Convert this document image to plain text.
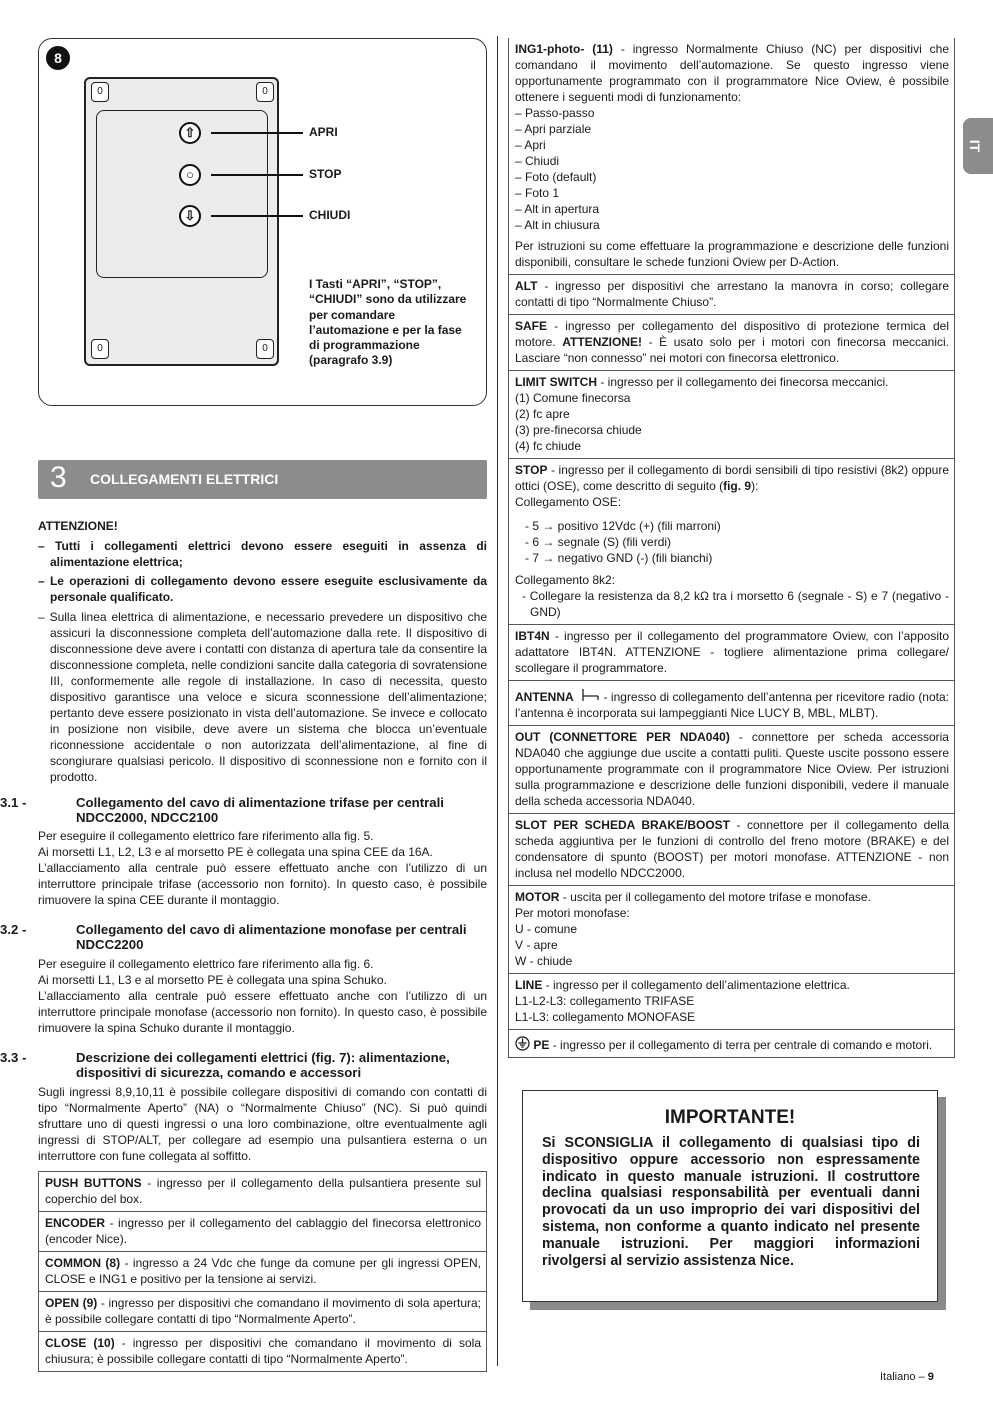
8
0	0
0	0
⇧
○
⇩
APRI
STOP
CHIUDI
I Tasti “APRI”, “STOP”, “CHIUDI” sono da utilizzare per comandare l’automazione e per la fase di programmazione (paragrafo 3.9)
3 COLLEGAMENTI ELETTRICI
ATTENZIONE!
– Tutti i collegamenti elettrici devono essere eseguiti in assenza di alimentazione elettrica;
– Le operazioni di collegamento devono essere eseguite esclusivamente da personale qualificato.
– Sulla linea elettrica di alimentazione, e necessario prevedere un dispositivo che assicuri la disconnessione completa dell’automazione dalla rete. Il dispositivo di disconnessione deve avere i contatti con distanza di apertura tale da consentire la disconnessione completa, nelle condizioni sancite dalla categoria di sovratensione III, conformemente alle regole di installazione. In caso di necessita, questo dispositivo garantisce una veloce e sicura sconnessione dell’alimentazione; pertanto deve essere posizionato in vista dell’automazione. Se invece e collocato in posizione non visibile, deve avere un sistema che blocca un’eventuale riconnessione accidentale o non autorizzata dell’alimentazione, al fine di scongiurare qualsiasi pericolo. Il dispositivo di sconnessione non e fornito con il prodotto.
3.1 -	Collegamento del cavo di alimentazione trifase per centrali NDCC2000, NDCC2100
Per eseguire il collegamento elettrico fare riferimento alla fig. 5.
Ai morsetti L1, L2, L3 e al morsetto PE è collegata una spina CEE da 16A.
L’allacciamento alla centrale può essere effettuato anche con l’utilizzo di un interruttore principale trifase (accessorio non fornito). In questo caso, è possibile rimuovere la spina CEE durante il montaggio.
3.2 -	Collegamento del cavo di alimentazione monofase per centrali NDCC2200
Per eseguire il collegamento elettrico fare riferimento alla fig. 6.
Ai morsetti L1, L3 e al morsetto PE è collegata una spina Schuko.
L’allacciamento alla centrale può essere effettuato anche con l’utilizzo di un interruttore principale monofase (accessorio non fornito). In questo caso, è possibile rimuovere la spina Schuko durante il montaggio.
3.3 -	Descrizione dei collegamenti elettrici (fig. 7): alimentazione, dispositivi di sicurezza, comando e accessori
Sugli ingressi 8,9,10,11 è possibile collegare dispositivi di comando con contatti di tipo “Normalmente Aperto” (NA) o “Normalmente Chiuso” (NC). Si può quindi sfruttare uno di questi ingressi o una loro combinazione, oltre eventualmente agli ingressi di STOP/ALT, per collegare ad esempio una pulsantiera esterna o un interruttore con fune collegata al soffitto.
PUSH BUTTONS - ingresso per il collegamento della pulsantiera presente sul coperchio del box.
ENCODER - ingresso per il collegamento del cablaggio del finecorsa elettronico (encoder Nice).
COMMON (8) - ingresso a 24 Vdc che funge da comune per gli ingressi OPEN, CLOSE e ING1 e positivo per la tensione ai servizi.
OPEN (9) - ingresso per dispositivi che comandano il movimento di sola apertura; è possibile collegare contatti di tipo “Normalmente Aperto”.
CLOSE (10) - ingresso per dispositivi che comandano il movimento di sola chiusura; è possibile collegare contatti di tipo “Normalmente Aperto”.
ING1-photo- (11) - ingresso Normalmente Chiuso (NC) per dispositivi che comandano il movimento dell’automazione. Se questo ingresso viene opportunamente programmato con il programmatore Nice Oview, è possibile ottenere i seguenti modi di funzionamento:
– Passo-passo
– Apri parziale
– Apri
– Chiudi
– Foto (default)
– Foto 1
– Alt in apertura
– Alt in chiusura
Per istruzioni su come effettuare la programmazione e descrizione delle funzioni disponibili, consultare le schede funzioni Oview per D-Action.
ALT - ingresso per dispositivi che arrestano la manovra in corso; collegare contatti di tipo “Normalmente Chiuso”.
SAFE - ingresso per collegamento del dispositivo di protezione termica del motore. ATTENZIONE! - È usato solo per i motori con finecorsa meccanici. Lasciare “non connesso” nei motori con finecorsa elettronico.
LIMIT SWITCH - ingresso per il collegamento dei finecorsa meccanici.
(1) Comune finecorsa
(2) fc apre
(3) pre-finecorsa chiude
(4) fc chiude
STOP - ingresso per il collegamento di bordi sensibili di tipo resistivi (8k2) oppure ottici (OSE), come descritto di seguito (fig. 9):
Collegamento OSE:
- 5 → positivo 12Vdc (+) (fili marroni)
- 6 → segnale (S) (fili verdi)
- 7 → negativo GND (-) (fili bianchi)
Collegamento 8k2:
- Collegare la resistenza da 8,2 kΩ tra i morsetto 6 (segnale - S) e 7 (negativo - GND)
IBT4N - ingresso per il collegamento del programmatore Oview, con l’apposito adattatore IBT4N. ATTENZIONE - togliere alimentazione prima collegare/ scollegare il programmatore.
ANTENNA  - ingresso di collegamento dell’antenna per ricevitore radio (nota: l’antenna è incorporata sui lampeggianti Nice LUCY B, MBL, MLBT).
OUT (CONNETTORE PER NDA040) - connettore per scheda accessoria NDA040 che aggiunge due uscite a contatti puliti. Queste uscite possono essere opportunamente programmate con il programmatore Nice Oview. Per istruzioni sulla programmazione e descrizione delle funzioni disponibili, vedere il manuale della scheda accessoria NDA040.
SLOT PER SCHEDA BRAKE/BOOST - connettore per il collegamento della scheda aggiuntiva per le funzioni di controllo del freno motore (BRAKE) e del condensatore di spunto (BOOST) per motori monofase. ATTENZIONE - non inclusa nel modello NDCC2000.
MOTOR - uscita per il collegamento del motore trifase e monofase.
Per motori monofase:
U - comune
V - apre
W - chiude
LINE - ingresso per il collegamento dell’alimentazione elettrica.
L1-L2-L3: collegamento TRIFASE
L1-L3: collegamento MONOFASE
PE - ingresso per il collegamento di terra per centrale di comando e motori.
IT
IMPORTANTE!
Si SCONSIGLIA il collegamento di qualsiasi tipo di dispositivo oppure accessorio non espressamente indicato in questo manuale istruzioni. Il costruttore declina qualsiasi responsabilità per eventuali danni provocati da un uso improprio dei vari dispositivi del sistema, non conforme a quanto indicato nel presente manuale istruzioni. Per maggiori informazioni rivolgersi al servizio assistenza Nice.
Italiano – 9
